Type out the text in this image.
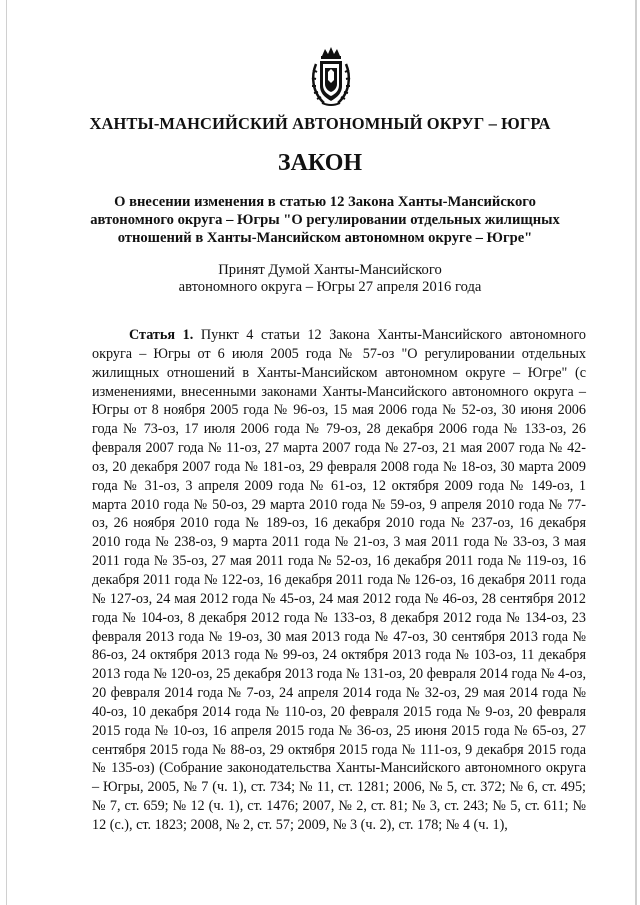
ХАНТЫ-МАНСИЙСКИЙ АВТОНОМНЫЙ ОКРУГ – ЮГРА
ЗАКОН
О внесении изменения в статью 12 Закона Ханты-Мансийского автономного округа – Югры "О регулировании отдельных жилищных отношений в Ханты-Мансийском автономном округе – Югре"
Принят Думой Ханты-Мансийского
автономного округа – Югры 27 апреля 2016 года
Статья 1. Пункт 4 статьи 12 Закона Ханты-Мансийского автономного округа – Югры от 6 июля 2005 года № 57-оз "О регулировании отдельных жилищных отношений в Ханты-Мансийском автономном округе – Югре" (с изменениями, внесенными законами Ханты-Мансийского автономного округа – Югры от 8 ноября 2005 года № 96-оз, 15 мая 2006 года № 52-оз, 30 июня 2006 года № 73-оз, 17 июля 2006 года № 79-оз, 28 декабря 2006 года № 133-оз, 26 февраля 2007 года № 11-оз, 27 марта 2007 года № 27-оз, 21 мая 2007 года № 42-оз, 20 декабря 2007 года № 181-оз, 29 февраля 2008 года № 18-оз, 30 марта 2009 года № 31-оз, 3 апреля 2009 года № 61-оз, 12 октября 2009 года № 149-оз, 1 марта 2010 года № 50-оз, 29 марта 2010 года № 59-оз, 9 апреля 2010 года № 77-оз, 26 ноября 2010 года № 189-оз, 16 декабря 2010 года № 237-оз, 16 декабря 2010 года № 238-оз, 9 марта 2011 года № 21-оз, 3 мая 2011 года № 33-оз, 3 мая 2011 года № 35-оз, 27 мая 2011 года № 52-оз, 16 декабря 2011 года № 119-оз, 16 декабря 2011 года № 122-оз, 16 декабря 2011 года № 126-оз, 16 декабря 2011 года № 127-оз, 24 мая 2012 года № 45-оз, 24 мая 2012 года № 46-оз, 28 сентября 2012 года № 104-оз, 8 декабря 2012 года № 133-оз, 8 декабря 2012 года № 134-оз, 23 февраля 2013 года № 19-оз, 30 мая 2013 года № 47-оз, 30 сентября 2013 года № 86-оз, 24 октября 2013 года № 99-оз, 24 октября 2013 года № 103-оз, 11 декабря 2013 года № 120-оз, 25 декабря 2013 года № 131-оз, 20 февраля 2014 года № 4-оз, 20 февраля 2014 года № 7-оз, 24 апреля 2014 года № 32-оз, 29 мая 2014 года № 40-оз, 10 декабря 2014 года № 110-оз, 20 февраля 2015 года № 9-оз, 20 февраля 2015 года № 10-оз, 16 апреля 2015 года № 36-оз, 25 июня 2015 года № 65-оз, 27 сентября 2015 года № 88-оз, 29 октября 2015 года № 111-оз, 9 декабря 2015 года № 135-оз) (Собрание законодательства Ханты-Мансийского автономного округа – Югры, 2005, № 7 (ч. 1), ст. 734; № 11, ст. 1281; 2006, № 5, ст. 372; № 6, ст. 495; № 7, ст. 659; № 12 (ч. 1), ст. 1476; 2007, № 2, ст. 81; № 3, ст. 243; № 5, ст. 611; № 12 (с.), ст. 1823; 2008, № 2, ст. 57; 2009, № 3 (ч. 2), ст. 178; № 4 (ч. 1),
